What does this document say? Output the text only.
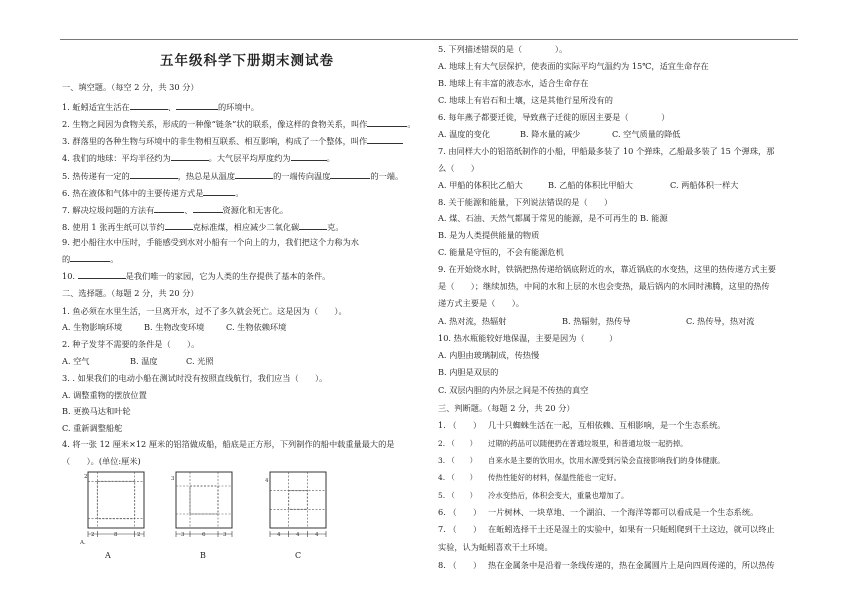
五年级科学下册期末测试卷
一、填空题。（每空 2 分，共 30 分）
1. 蚯蚓适宜生活在	、	的环境中。
2. 生物之间因为食物关系，形成的一种像“链条”状的联系，像这样的食物关系，叫作	。
3. 群落里的各种生物与环境中的非生物相互联系、相互影响，构成了一个整体，叫作
4. 我们的地球：平均半径约为	。大气层平均厚度约为	。
5. 热传递有一定的	，热总是从温度	的一端传向温度	的一端。
6. 热在液体和气体中的主要传递方式是	。
7. 解决垃圾问题的方法有	、	资源化和无害化。
8. 使用 1 张再生纸可以节约	克标准煤，相应减少二氧化碳	克。
9. 把小船往水中压时，手能感受到水对小船有一个向上的力，我们把这个力称为水
的	。
10.	是我们唯一的家园，它为人类的生存提供了基本的条件。
二、选择题。（每题 2 分，共 20 分）
1. 鱼必须在水里生活，一旦离开水，过不了多久就会死亡。这是因为（　　）。
A. 生物影响环境	B. 生物改变环境	C. 生物依赖环境
2. 种子发芽不需要的条件是（　　）。
A. 空气	B. 温度	C. 光照
3. . 如果我们的电动小船在测试时没有按照直线航行，我们应当（　　）。
A. 调整重物的摆放位置
B. 更换马达和叶轮
C. 重新调整船舵
4. 将一张 12 厘米×12 厘米的铝箔做成船，船底是正方形，下列制作的船中载重量最大的是
（　　）。(单位:厘米)
2
2	8	2
A.
3
3	6	3
4
4	4	4
A	B	C
5. 下列描述错误的是（　　　　）。
A. 地球上有大气层保护，使表面的实际平均气温约为 15℃，适宜生命存在
B. 地球上有丰富的液态水，适合生命存在
C. 地球上有岩石和土壤，这是其他行星所没有的
6. 每年燕子都要迁徙，导致燕子迁徙的原因主要是（　　　　）
A. 温度的变化	B. 降水量的减少	C. 空气质量的降低
7. 由同样大小的铝箔纸制作的小船，甲船最多装了 10 个弹珠，乙船最多装了 15 个弹珠，那
么（　　）
A. 甲船的体积比乙船大	B. 乙船的体积比甲船大	C. 两船体积一样大
8. 关于能源和能量，下列说法错误的是（　　）
A. 煤、石油、天然气都属于常见的能源，是不可再生的 B. 能源
B. 是为人类提供能量的物质
C. 能量是守恒的，不会有能源危机
9. 在开始烧水时，铁锅把热传递给锅底附近的水，靠近锅底的水变热，这里的热传递方式主要
是（　　）；继续加热，中间的水和上层的水也会变热，最后锅内的水同时沸腾，这里的热传
递方式主要是（　　）。
A. 热对流，热辐射	B. 热辐射，热传导	C. 热传导，热对流
10. 热水瓶能较好地保温，主要是因为（　　　）
A. 内胆由玻璃制成，传热慢
B. 内胆是双层的
C. 双层内胆的内外层之间是不传热的真空
三、判断题。（每题 2 分，共 20 分）
1. （　　） 几十只蜘蛛生活在一起，互相依赖、互相影响，是一个生态系统。
2. （　　） 过期的药品可以随便扔在普通垃圾里，和普通垃圾一起扔掉。
3. （　　） 自来水是主要的饮用水，饮用水源受到污染会直接影响我们的身体健康。
4. （　　） 传热性能好的材料，保温性能也一定好。
5. （　　） 冷水变热后，体积会变大，重量也增加了。
6. （　　） 一片树林、一块草地、一个湖泊、一个海洋等都可以看成是一个生态系统。
7. （　　） 在蚯蚓选择干土还是湿土的实验中，如果有一只蚯蚓爬到干土这边，就可以终止
实验，认为蚯蚓喜欢干土环境。
8. （　　） 热在金属条中是沿着一条线传递的，热在金属圆片上是向四周传递的，所以热传
